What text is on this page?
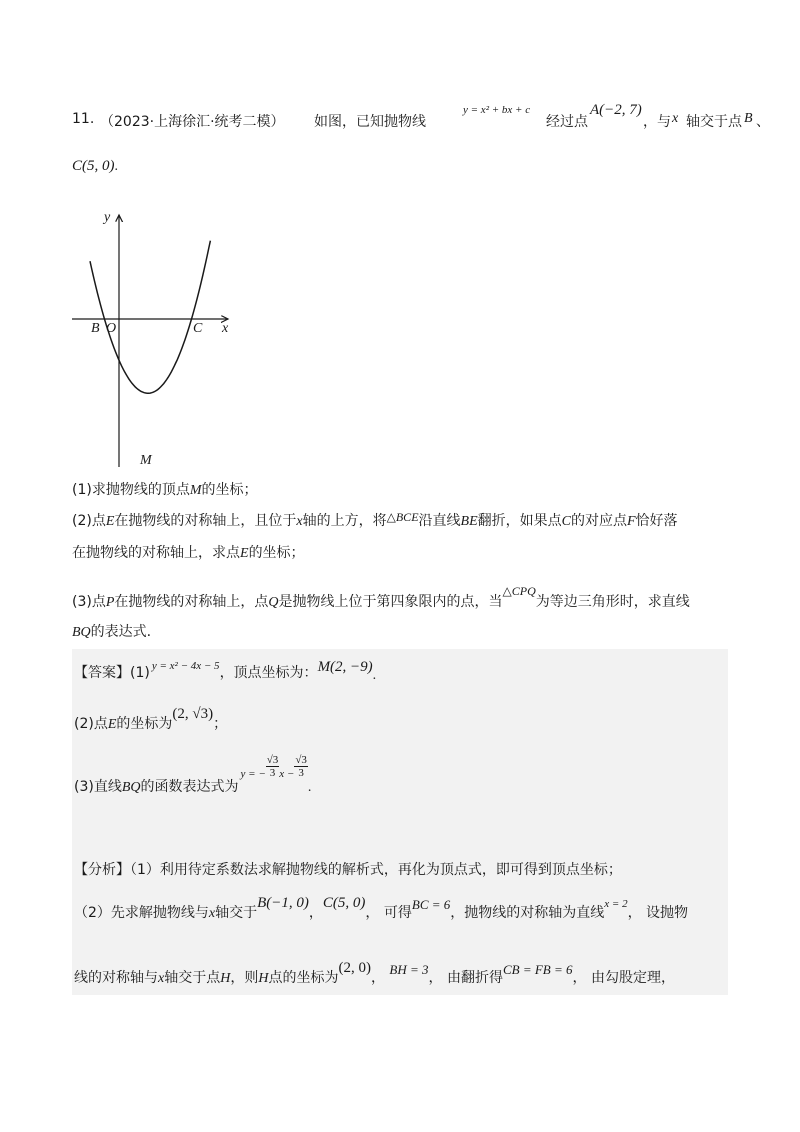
11. （2023·上海徐汇·统考二模） 如图，已知抛物线
y = x² + bx + c
经过点
A(−2, 7)
，与 x 轴交于点 B 、
C(5, 0).
y
x
B O	C
M
(1)求抛物线的顶点M的坐标；
(2)点E在抛物线的对称轴上，且位于x轴的上方，将△BCE沿直线BE翻折，如果点C的对应点F恰好落
在抛物线的对称轴上，求点E的坐标；
(3)点P在抛物线的对称轴上，点Q是抛物线上位于第四象限内的点，当△CPQ为等边三角形时，求直线
BQ的表达式.
【答案】(1) y = x² − 4x − 5，顶点坐标为：M(2, −9).
(2)点E的坐标为(2, √3)；
(3)直线BQ的函数表达式为y = − $\frac{√3}{3}$ $x - \frac{√3}{3}$
.
【分析】（1）利用待定系数法求解抛物线的解析式，再化为顶点式，即可得到顶点坐标；
（2）先求解抛物线与x轴交于B(−1, 0)，C(5, 0)， 可得BC = 6，抛物线的对称轴为直线x = 2， 设抛物
线的对称轴与x轴交于点H，则H点的坐标为(2, 0)， BH = 3， 由翻折得CB = FB = 6， 由勾股定理，
